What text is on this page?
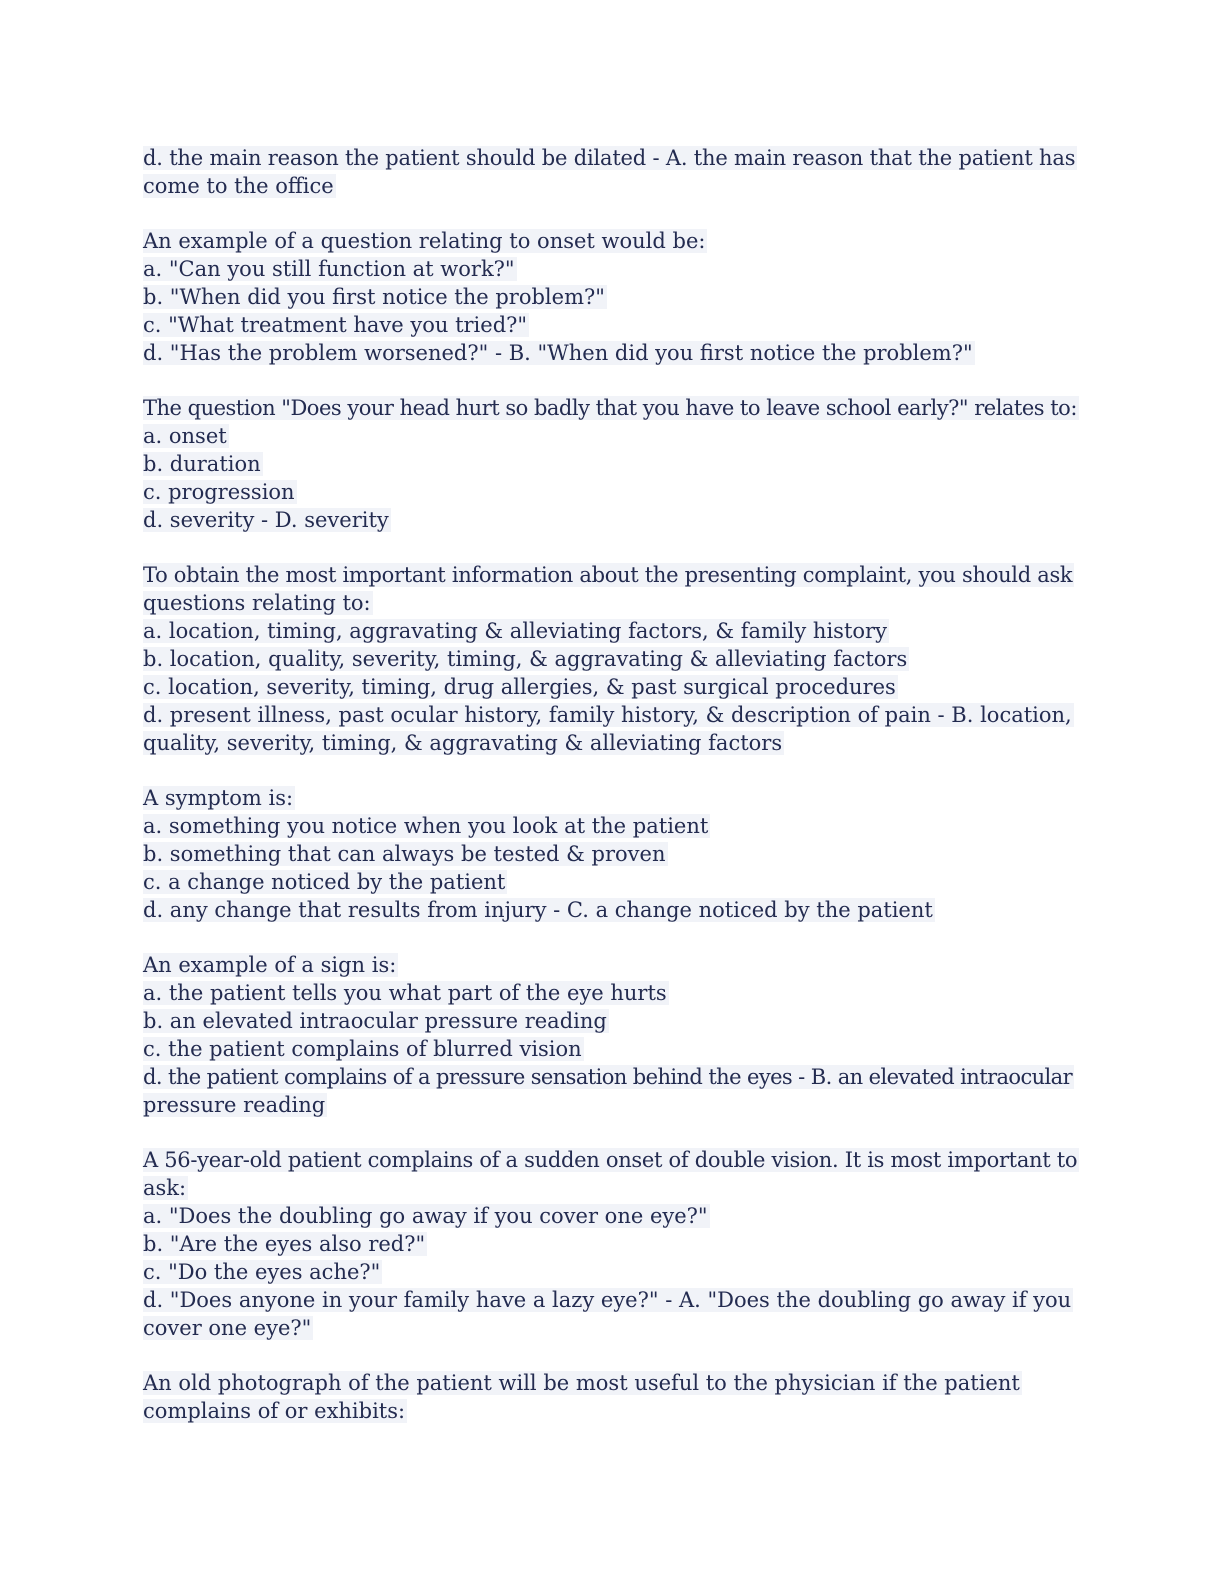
d. the main reason the patient should be dilated - A. the main reason that the patient has
come to the office
An example of a question relating to onset would be:
a. "Can you still function at work?"
b. "When did you first notice the problem?"
c. "What treatment have you tried?"
d. "Has the problem worsened?" - B. "When did you first notice the problem?"
The question "Does your head hurt so badly that you have to leave school early?" relates to:
a. onset
b. duration
c. progression
d. severity - D. severity
To obtain the most important information about the presenting complaint, you should ask
questions relating to:
a. location, timing, aggravating & alleviating factors, & family history
b. location, quality, severity, timing, & aggravating & alleviating factors
c. location, severity, timing, drug allergies, & past surgical procedures
d. present illness, past ocular history, family history, & description of pain - B. location,
quality, severity, timing, & aggravating & alleviating factors
A symptom is:
a. something you notice when you look at the patient
b. something that can always be tested & proven
c. a change noticed by the patient
d. any change that results from injury - C. a change noticed by the patient
An example of a sign is:
a. the patient tells you what part of the eye hurts
b. an elevated intraocular pressure reading
c. the patient complains of blurred vision
d. the patient complains of a pressure sensation behind the eyes - B. an elevated intraocular
pressure reading
A 56-year-old patient complains of a sudden onset of double vision. It is most important to
ask:
a. "Does the doubling go away if you cover one eye?"
b. "Are the eyes also red?"
c. "Do the eyes ache?"
d. "Does anyone in your family have a lazy eye?" - A. "Does the doubling go away if you
cover one eye?"
An old photograph of the patient will be most useful to the physician if the patient
complains of or exhibits:
